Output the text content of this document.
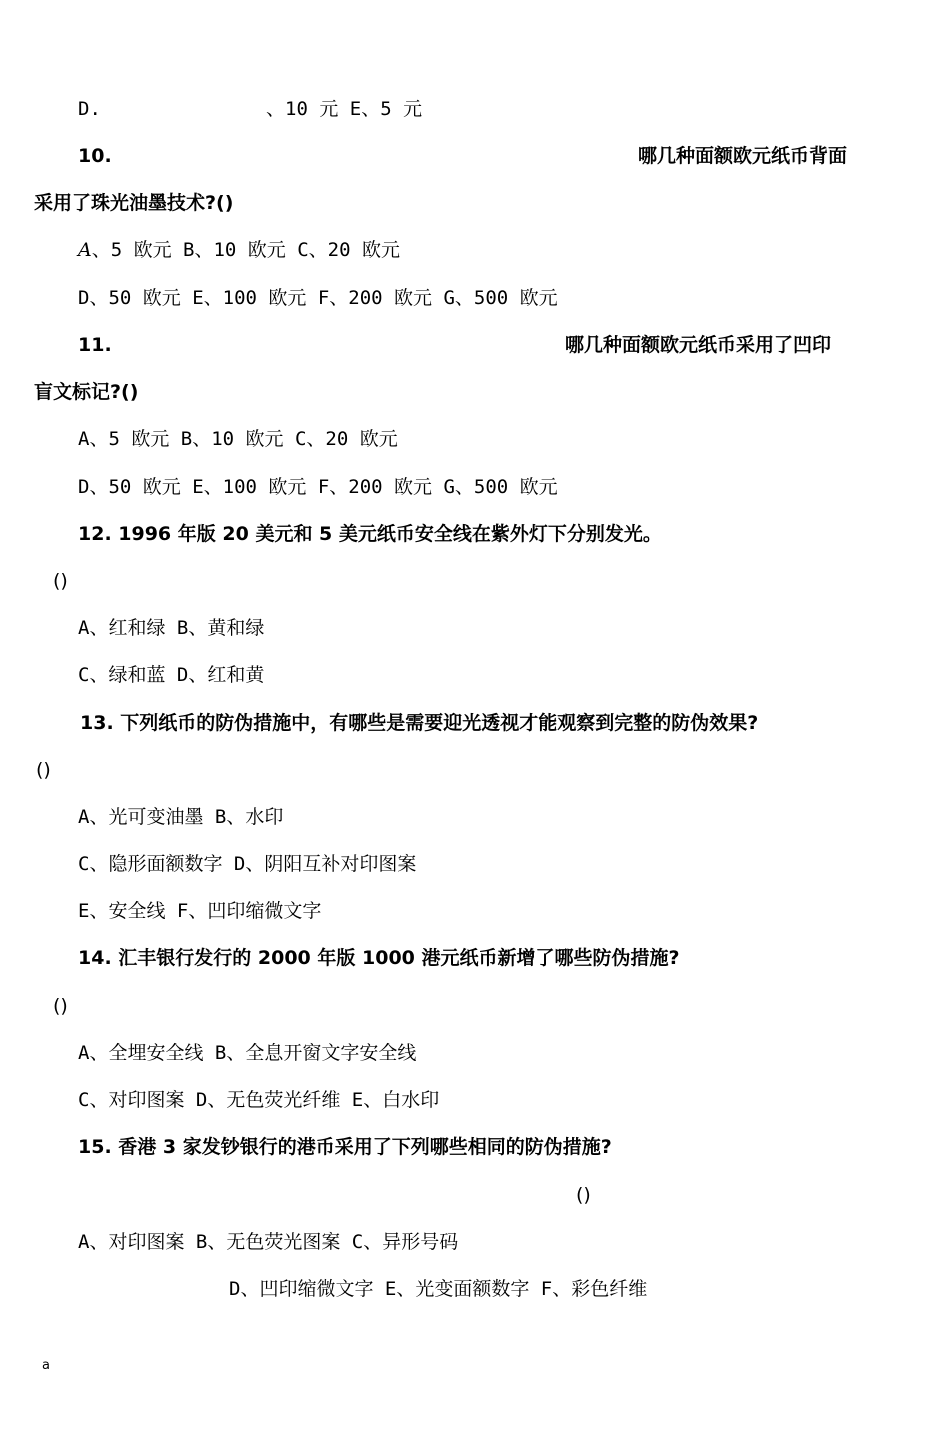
D.	、10 元 E、5 元
10.	哪几种面额欧元纸币背面
采用了珠光油墨技术?()
A、5 欧元 B、10 欧元 C、20 欧元
D、50 欧元 E、100 欧元 F、200 欧元 G、500 欧元
11.	哪几种面额欧元纸币采用了凹印
盲文标记?()
A、5 欧元 B、10 欧元 C、20 欧元
D、50 欧元 E、100 欧元 F、200 欧元 G、500 欧元
12. 1996 年版 20 美元和 5 美元纸币安全线在紫外灯下分别发光。
()
A、红和绿 B、黄和绿
C、绿和蓝 D、红和黄
13. 下列纸币的防伪措施中，有哪些是需要迎光透视才能观察到完整的防伪效果?
()
A、光可变油墨 B、水印
C、隐形面额数字 D、阴阳互补对印图案
E、安全线 F、凹印缩微文字
14. 汇丰银行发行的 2000 年版 1000 港元纸币新增了哪些防伪措施?
()
A、全埋安全线 B、全息开窗文字安全线
C、对印图案 D、无色荧光纤维 E、白水印
15. 香港 3 家发钞银行的港币采用了下列哪些相同的防伪措施?
()
A、对印图案 B、无色荧光图案 C、异形号码
D、凹印缩微文字 E、光变面额数字 F、彩色纤维
a
